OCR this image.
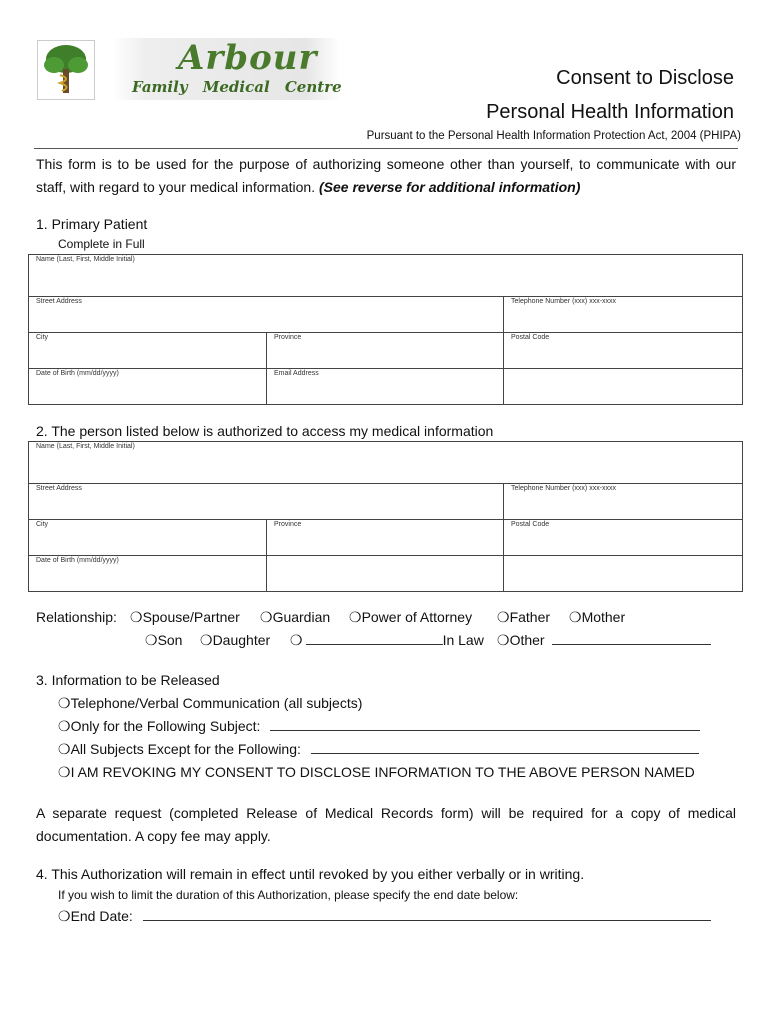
Arbour
Family Medical Centre	Consent to Disclose
Personal Health Information
Pursuant to the Personal Health Information Protection Act, 2004 (PHIPA)
This form is to be used for the purpose of authorizing someone other than yourself, to communicate with our staff, with regard to your medical information. (See reverse for additional information)
1. Primary Patient
Complete in Full
Name (Last, First, Middle Initial)		
Street Address		Telephone Number (xxx) xxx-xxxx
City	Province	Postal Code
Date of Birth (mm/dd/yyyy)	Email Address	
2. The person listed below is authorized to access my medical information
Name (Last, First, Middle Initial)		
Street Address		Telephone Number (xxx) xxx-xxxx
City	Province	Postal Code
Date of Birth (mm/dd/yyyy)		
Relationship: ❍Spouse/Partner ❍Guardian ❍Power of Attorney ❍Father ❍Mother
❍Son ❍Daughter ❍	In Law ❍Other
3. Information to be Released
❍Telephone/Verbal Communication (all subjects)
❍Only for the Following Subject:
❍All Subjects Except for the Following:
❍I AM REVOKING MY CONSENT TO DISCLOSE INFORMATION TO THE ABOVE PERSON NAMED
A separate request (completed Release of Medical Records form) will be required for a copy of medical documentation. A copy fee may apply.
4. This Authorization will remain in effect until revoked by you either verbally or in writing.
If you wish to limit the duration of this Authorization, please specify the end date below:
❍End Date:
